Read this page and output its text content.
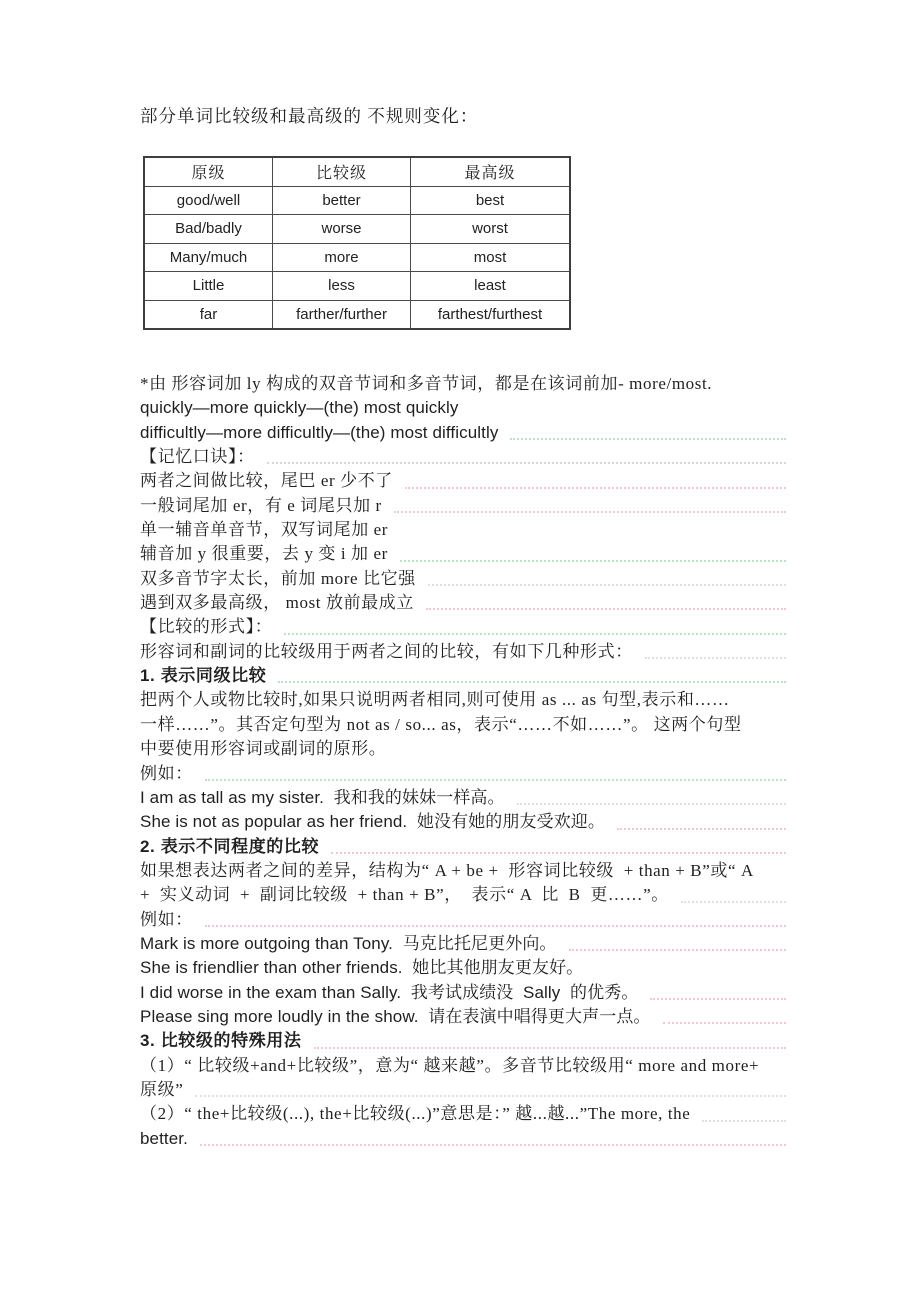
部分单词比较级和最高级的 不规则变化：
原级	比较级	最高级
good/well	better	best
Bad/badly	worse	worst
Many/much	more	most
Little	less	least
far	farther/further	farthest/furthest
*由 形容词加 ly 构成的双音节词和多音节词，都是在该词前加- more/most.
quickly—more quickly—(the) most quickly
difficultly—more difficultly—(the) most difficultly
【记忆口诀】：
两者之间做比较，尾巴 er 少不了
一般词尾加 er，有 e 词尾只加 r
单一辅音单音节，双写词尾加 er
辅音加 y 很重要，去 y 变 i 加 er
双多音节字太长，前加 more 比它强
遇到双多最高级， most 放前最成立
【比较的形式】：
形容词和副词的比较级用于两者之间的比较，有如下几种形式：
1. 表示同级比较
把两个人或物比较时,如果只说明两者相同,则可使用 as ... as 句型,表示和……
一样……”。其否定句型为 not as / so... as，表示“……不如……”。 这两个句型
中要使用形容词或副词的原形。
例如：
I am as tall as my sister.  我和我的妹妹一样高。
She is not as popular as her friend.  她没有她的朋友受欢迎。
2. 表示不同程度的比较
如果想表达两者之间的差异，结构为“ A + be +  形容词比较级  + than + B”或“ A
+  实义动词  +  副词比较级  + than + B”，  表示“ A  比  B  更……”。
例如：
Mark is more outgoing than Tony.  马克比托尼更外向。
She is friendlier than other friends.  她比其他朋友更友好。
I did worse in the exam than Sally.  我考试成绩没  Sally  的优秀。
Please sing more loudly in the show.  请在表演中唱得更大声一点。
3. 比较级的特殊用法
（1）“ 比较级+and+比较级”，意为“ 越来越”。多音节比较级用“ more and more+
原级”
（2）“ the+比较级(...), the+比较级(...)”意思是：” 越...越...”The more, the
better.
